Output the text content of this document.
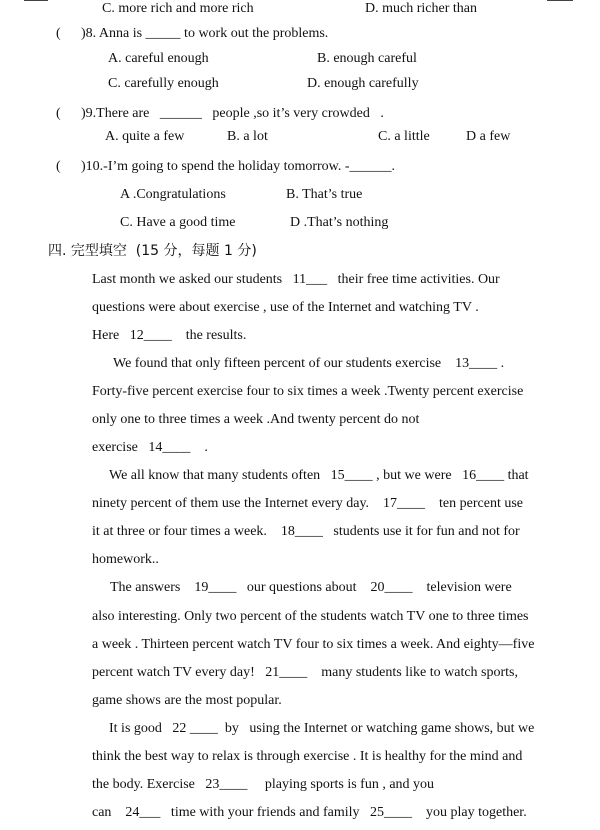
C. more rich and more rich	D. much richer than
( )8. Anna is _____ to work out the problems.
A. careful enough	B. enough careful
C. carefully enough	D. enough carefully
( )9.There are   ______   people ,so it’s very crowded   .
A. quite a few	B. a lot	C. a little	D a few
( )10.-I’m going to spend the holiday tomorrow. -______.
A .Congratulations	B. That’s true
C. Have a good time	D .That’s nothing
四. 完型填空  (15 分，每题 1 分)
Last month we asked our students   11___   their free time activities. Our
questions were about exercise , use of the Internet and watching TV .
Here   12____    the results.
We found that only fifteen percent of our students exercise    13____ .
Forty-five percent exercise four to six times a week .Twenty percent exercise
only one to three times a week .And twenty percent do not
exercise   14____    .
We all know that many students often   15____ , but we were   16____ that
ninety percent of them use the Internet every day.    17____    ten percent use
it at three or four times a week.    18____   students use it for fun and not for
homework..
The answers    19____   our questions about    20____    television were
also interesting. Only two percent of the students watch TV one to three times
a week . Thirteen percent watch TV four to six times a week. And eighty—five
percent watch TV every day!   21____    many students like to watch sports,
game shows are the most popular.
It is good   22 ____  by   using the Internet or watching game shows, but we
think the best way to relax is through exercise . It is healthy for the mind and
the body. Exercise   23____     playing sports is fun , and you
can    24___   time with your friends and family   25____    you play together.
